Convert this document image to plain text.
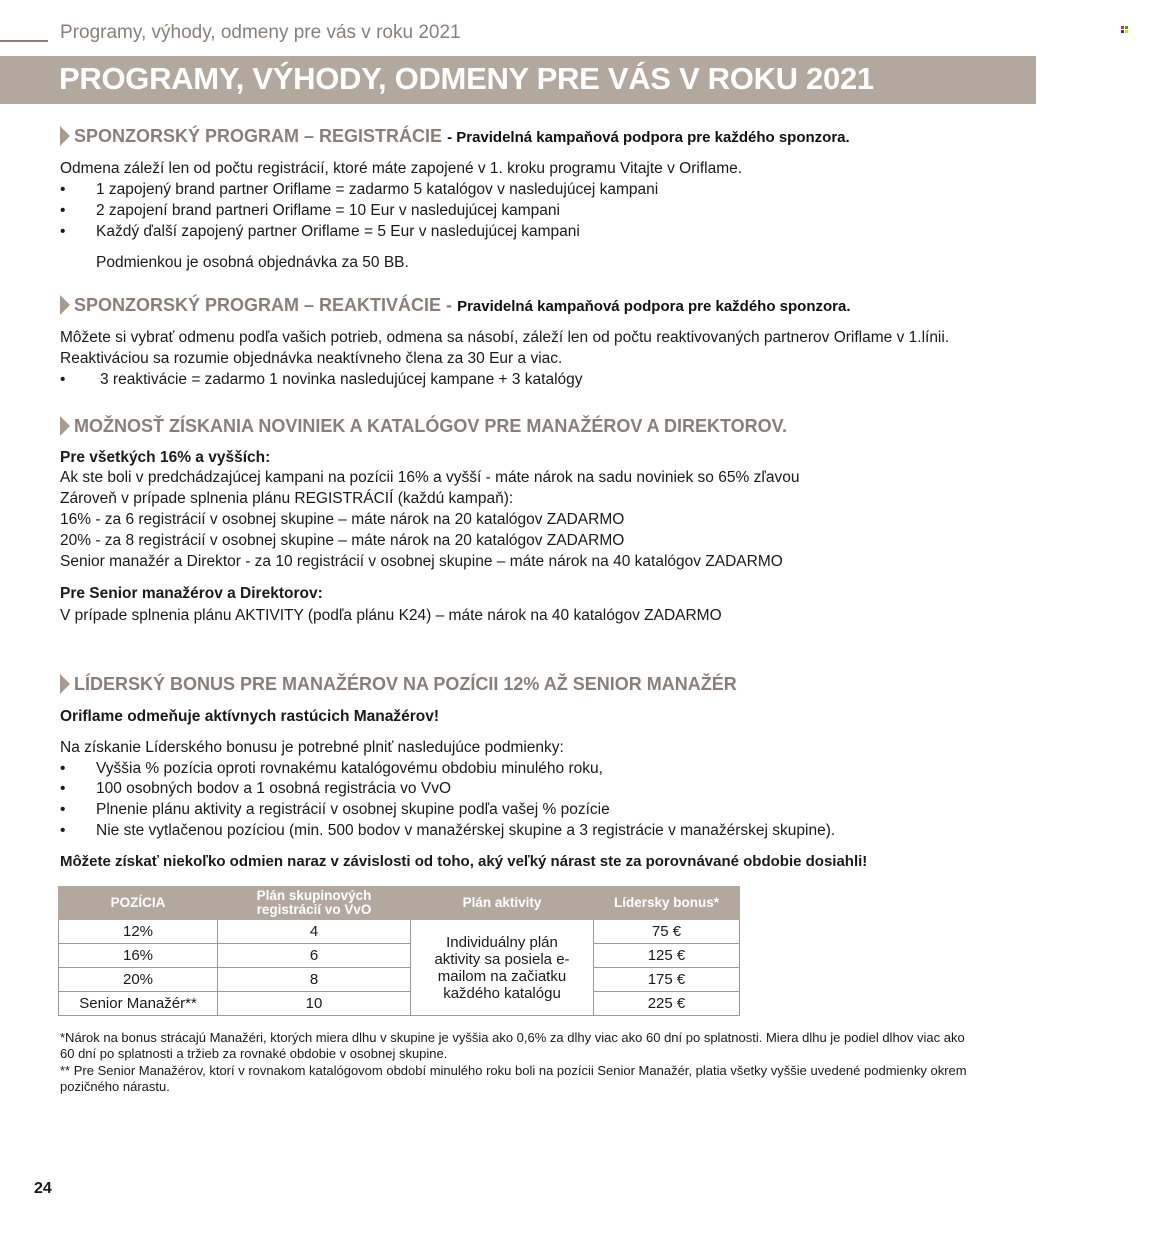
Programy, výhody, odmeny pre vás v roku 2021
PROGRAMY, VÝHODY, ODMENY PRE VÁS V ROKU 2021
SPONZORSKÝ PROGRAM – REGISTRÁCIE - Pravidelná kampaňová podpora pre každého sponzora.
Odmena záleží len od počtu registrácií, ktoré máte zapojené v 1. kroku programu Vitajte v Oriflame.
• 1 zapojený brand partner Oriflame = zadarmo 5 katalógov v nasledujúcej kampani
• 2 zapojení brand partneri Oriflame = 10 Eur v nasledujúcej kampani
• Každý ďalší zapojený partner Oriflame = 5 Eur v nasledujúcej kampani
Podmienkou je osobná objednávka za 50 BB.
SPONZORSKÝ PROGRAM – REAKTIVÁCIE - Pravidelná kampaňová podpora pre každého sponzora.
Môžete si vybrať odmenu podľa vašich potrieb, odmena sa násobí, záleží len od počtu reaktivovaných partnerov Oriflame v 1.línii.
Reaktiváciou sa rozumie objednávka neaktívneho člena za 30 Eur a viac.
• 3 reaktivácie = zadarmo 1 novinka nasledujúcej kampane + 3 katalógy
MOŽNOSŤ ZÍSKANIA NOVINIEK A KATALÓGOV PRE MANAŽÉROV A DIREKTOROV.
Pre všetkých 16% a vyšších:
Ak ste boli v predchádzajúcej kampani na pozícii 16% a vyšší - máte nárok na sadu noviniek so 65% zľavou
Zároveň v prípade splnenia plánu REGISTRÁCIÍ (každú kampaň):
16% - za 6 registrácií v osobnej skupine – máte nárok na 20 katalógov ZADARMO
20% - za 8 registrácií v osobnej skupine – máte nárok na 20 katalógov ZADARMO
Senior manažér a Direktor - za 10 registrácií v osobnej skupine – máte nárok na 40 katalógov ZADARMO
Pre Senior manažérov a Direktorov:
V prípade splnenia plánu AKTIVITY (podľa plánu K24) – máte nárok na 40 katalógov ZADARMO
LÍDERSKÝ BONUS PRE MANAŽÉROV NA POZÍCII 12% AŽ SENIOR MANAŽÉR
Oriflame odmeňuje aktívnych rastúcich Manažérov!
Na získanie Líderského bonusu je potrebné plniť nasledujúce podmienky:
• Vyššia % pozícia oproti rovnakému katalógovému obdobiu minulého roku,
• 100 osobných bodov a 1 osobná registrácia vo VvO
• Plnenie plánu aktivity a registrácií v osobnej skupine podľa vašej % pozície
• Nie ste vytlačenou pozíciou (min. 500 bodov v manažérskej skupine a 3 registrácie v manažérskej skupine).
Môžete získať niekoľko odmien naraz v závislosti od toho, aký veľký nárast ste za porovnávané obdobie dosiahli!
POZÍCIA	Plán skupinových registrácií vo VvO	Plán aktivity	Lídersky bonus*
12%	4	Individuálny plán aktivity sa posiela e-mailom na začiatku každého katalógu	75 €
16%	6		125 €
20%	8		175 €
Senior Manažér**	10		225 €
*Nárok na bonus strácajú Manažéri, ktorých miera dlhu v skupine je vyššia ako 0,6% za dlhy viac ako 60 dní po splatnosti. Miera dlhu je podiel dlhov viac ako
60 dní po splatnosti a tržieb za rovnaké obdobie v osobnej skupine.
** Pre Senior Manažérov, ktorí v rovnakom katalógovom období minulého roku boli na pozícii Senior Manažér, platia všetky vyššie uvedené podmienky okrem
pozičného nárastu.
24
